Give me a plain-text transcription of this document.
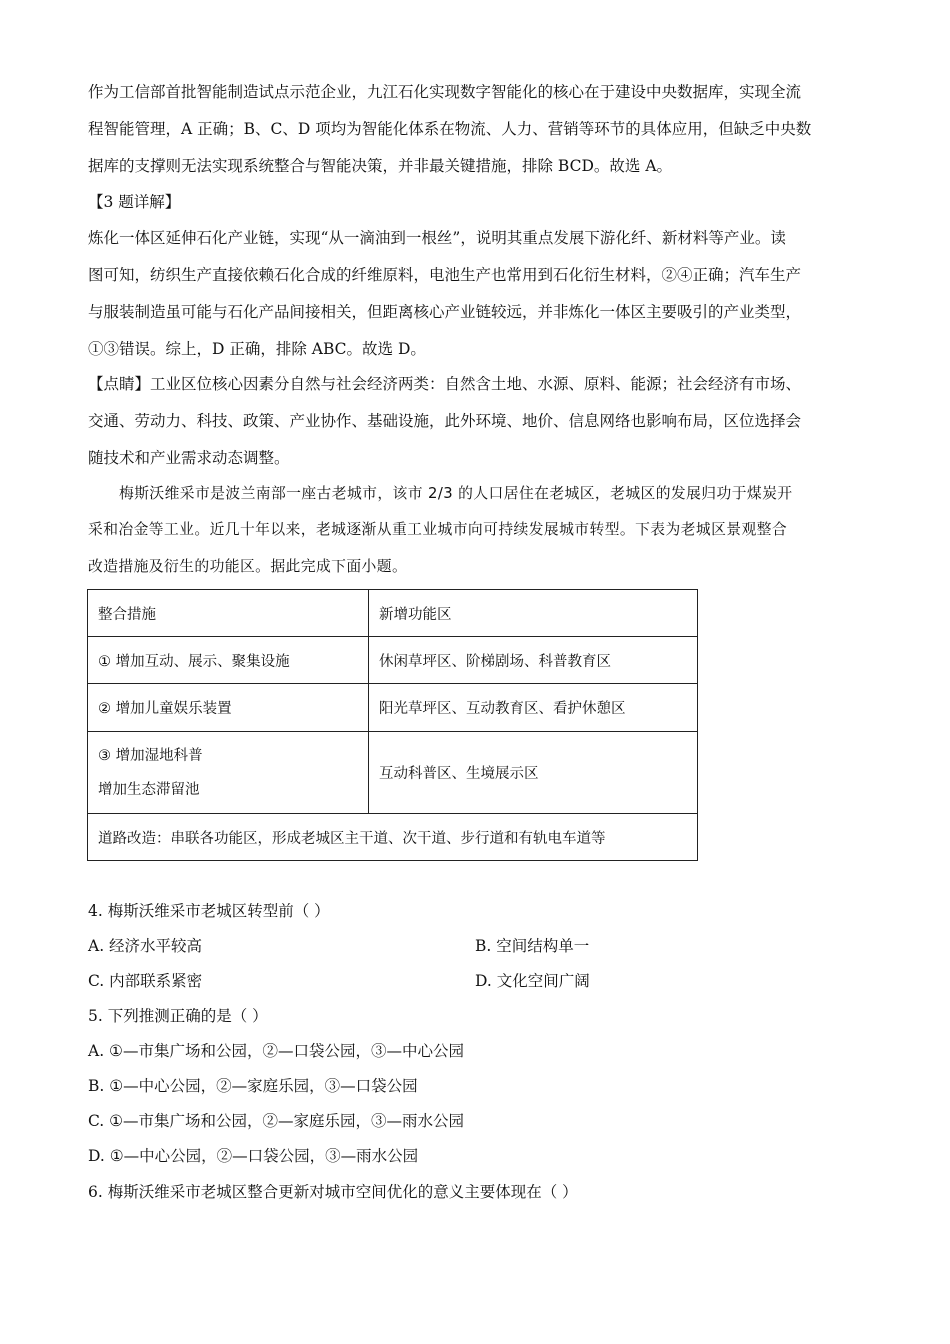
作为工信部首批智能制造试点示范企业，九江石化实现数字智能化的核心在于建设中央数据库，实现全流
程智能管理，A 正确；B、C、D 项均为智能化体系在物流、人力、营销等环节的具体应用，但缺乏中央数
据库的支撑则无法实现系统整合与智能决策，并非最关键措施，排除 BCD。故选 A。
【3 题详解】
炼化一体区延伸石化产业链，实现“从一滴油到一根丝”，说明其重点发展下游化纤、新材料等产业。读
图可知，纺织生产直接依赖石化合成的纤维原料，电池生产也常用到石化衍生材料，②④正确；汽车生产
与服装制造虽可能与石化产品间接相关，但距离核心产业链较远，并非炼化一体区主要吸引的产业类型，
①③错误。综上，D 正确，排除 ABC。故选 D。
【点睛】工业区位核心因素分自然与社会经济两类：自然含土地、水源、原料、能源；社会经济有市场、
交通、劳动力、科技、政策、产业协作、基础设施，此外环境、地价、信息网络也影响布局，区位选择会
随技术和产业需求动态调整。
梅斯沃维采市是波兰南部一座古老城市，该市 2/3 的人口居住在老城区，老城区的发展归功于煤炭开
采和冶金等工业。近几十年以来，老城逐渐从重工业城市向可持续发展城市转型。下表为老城区景观整合
改造措施及衍生的功能区。据此完成下面小题。
整合措施	新增功能区
① 增加互动、展示、聚集设施	休闲草坪区、阶梯剧场、科普教育区
② 增加儿童娱乐装置	阳光草坪区、互动教育区、看护休憩区

③ 增加湿地科普
增加生态滞留池	互动科普区、生境展示区
道路改造：串联各功能区，形成老城区主干道、次干道、步行道和有轨电车道等	
4. 梅斯沃维采市老城区转型前（ ）
A. 经济水平较高	B. 空间结构单一
C. 内部联系紧密	D. 文化空间广阔
5. 下列推测正确的是（ ）
A. ①—市集广场和公园，②—口袋公园，③—中心公园
B. ①—中心公园，②—家庭乐园，③—口袋公园
C. ①—市集广场和公园，②—家庭乐园，③—雨水公园
D. ①—中心公园，②—口袋公园，③—雨水公园
6. 梅斯沃维采市老城区整合更新对城市空间优化的意义主要体现在（ ）
